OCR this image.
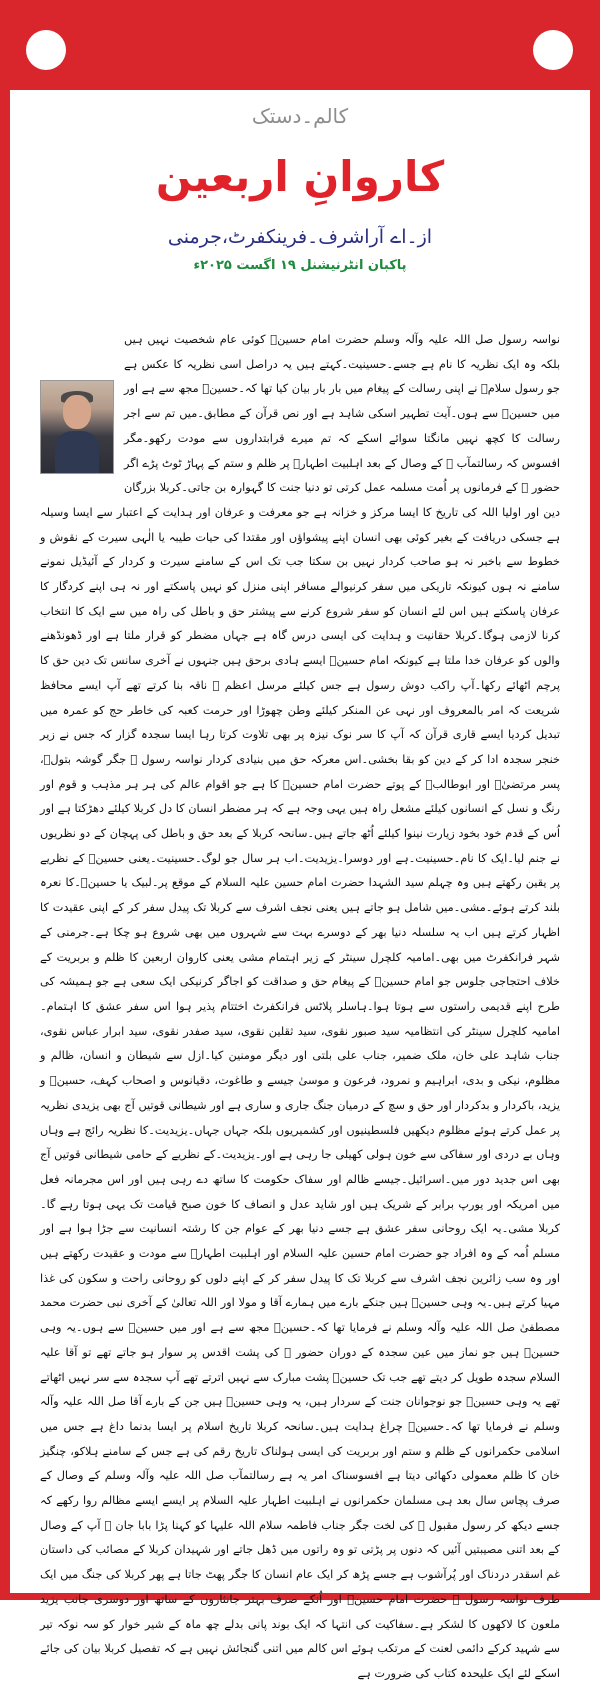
کالم۔دستک
کاروانِ اربعین
از۔اے آراشرف۔فرینکفرٹ،جرمنی
پاکبان انٹرنیشنل ۱۹ اگست ۲۰۲۵ء
نواسہ رسول صل اللہ علیہ وآلہ وسلم حضرت امام حسینؑ کوئی عام شخصیت نہیں ہیں بلکہ وہ ایک نظریہ کا نام ہے جسے۔حسینیت۔کہتے ہیں یہ دراصل اسی نظریہ کا عکس ہے جو رسول سلامؐ نے اپنی رسالت کے پیغام میں بار بار بیان کیا تھا کہ۔حسینؑ مجھ سے ہے اور میں حسینؑ سے ہوں۔آیت تطہیر اسکی شاہد ہے اور نص قرآن کے مطابق۔میں تم سے اجر رسالت کا کچھ نہیں مانگتا سوائے اسکے کہ تم میرے قرابتداروں سے مودت رکھو۔مگر افسوس کہ رسالتمآب ﷺ کے وصال کے بعد اہلبیت اطہارؑ پر ظلم و ستم کے پہاڑ ٹوٹ پڑے اگر حضور ﷺ کے فرمانوں پر اُمت مسلمہ عمل کرتی تو دنیا جنت کا گہوارہ بن جاتی۔کربلا بزرگان دین اور اولیا اللہ کی تاریخ کا ایسا مرکز و خزانہ ہے جو معرفت و عرفان اور ہدایت کے اعتبار سے ایسا وسیلہ ہے جسکی دریافت کے بغیر کوئی بھی انسان اپنے پیشواؤں اور مقتدا کی حیات طیبہ یا الٰہی سیرت کے نقوش و خطوط سے باخبر نہ ہو صاحب کردار نہیں بن سکتا جب تک اس کے سامنے سیرت و کردار کے آئیڈیل نمونے سامنے نہ ہوں کیونکہ تاریکی میں سفر کرنیوالے مسافر اپنی منزل کو نہیں پاسکتے اور نہ ہی اپنے کردگار کا عرفان پاسکتے ہیں اس لئے انسان کو سفر شروع کرنے سے پیشتر حق و باطل کی راہ میں سے ایک کا انتخاب کرنا لازمی ہوگا۔کربلا حقانیت و ہدایت کی ایسی درس گاہ ہے جہاں مضطر کو قرار ملتا ہے اور ڈھونڈھنے والوں کو عرفان خدا ملتا ہے کیونکہ امام حسینؑ ایسے ہادی برحق ہیں جنہوں نے آخری سانس تک دین حق کا پرچم اٹھائے رکھا۔آپ راکب دوش رسول ہے جس کیلئے مرسل اعظم ﷺ ناقہ بنا کرتے تھے آپ ایسے محافظ شریعت کہ امر بالمعروف اور نہی عن المنکر کیلئے وطن چھوڑا اور حرمت کعبہ کی خاطر حج کو عمرہ میں تبدیل کردیا ایسے قاری قرآن کہ آپ کا سر نوک نیزہ پر بھی تلاوت کرتا رہا ایسا سجدہ گزار کہ جس نے زیر خنجر سجدہ ادا کر کے دین کو بقا بخشی۔اس معرکہ حق میں بنیادی کردار نواسہ رسول ﷺ جگر گوشہ بتولؑ، پسر مرتضیٰؑ اور ابوطالبؑ کے پوتے حضرت امام حسینؑ کا ہے جو اقوام عالم کی ہر ہر مذہب و قوم اور رنگ و نسل کے انسانوں کیلئے مشعل راہ ہیں یہی وجہ ہے کہ ہر مضطر انسان کا دل کربلا کیلئے دھڑکتا ہے اور اُس کے قدم خود بخود زیارت نینوا کیلئے اُٹھ جاتے ہیں۔سانحہ کربلا کے بعد حق و باطل کی پہچان کے دو نظریوں نے جنم لیا۔ایک کا نام۔حسینیت۔ہے اور دوسرا۔یزیدیت۔اب ہر سال جو لوگ۔حسینیت۔یعنی حسینؑ کے نظریے پر یقین رکھتے ہیں وہ چہلم سید الشہدا حضرت امام حسین علیہ السلام کے موقع پر۔لبیک یا حسینؑ۔کا نعرہ بلند کرتے ہوئے۔مشی۔میں شامل ہو جاتے ہیں یعنی نجف اشرف سے کربلا تک پیدل سفر کر کے اپنی عقیدت کا اظہار کرتے ہیں اب یہ سلسلہ دنیا بھر کے دوسرے بہت سے شہروں میں بھی شروع ہو چکا ہے۔جرمنی کے شہر فرانکفرٹ میں بھی۔امامیہ کلچرل سینٹر کے زیر اہتمام مشی یعنی کاروان اربعین کا ظلم و بربریت کے خلاف احتجاجی جلوس جو امام حسینؑ کے پیغام حق و صداقت کو اجاگر کرنیکی ایک سعی ہے جو ہمیشہ کی طرح اپنے قدیمی راستوں سے ہوتا ہوا۔ہاسلر پلاٹس فرانکفرٹ اختتام پذیر ہوا اس سفر عشق کا اہتمام۔امامیہ کلچرل سینٹر کی انتظامیہ سید صبور نقوی، سید ثقلین نقوی، سید صفدر نقوی، سید ابرار عباس نقوی، جناب شاہد علی خان، ملک ضمیر، جناب علی بلتی اور دیگر مومنین کیا۔ازل سے شیطان و انسان، ظالم و مظلوم، نیکی و بدی، ابراہیم و نمرود، فرعون و موسیٰ جیسے و طاغوت، دقیانوس و اصحاب کہف، حسینؑ و یزید، باکردار و بدکردار اور حق و سچ کے درمیان جنگ جاری و ساری ہے اور شیطانی قوتیں آج بھی یزیدی نظریہ پر عمل کرتے ہوئے مظلوم دیکھیں فلسطینیوں اور کشمیریوں بلکہ جہاں جہاں۔یزیدیت۔کا نظریہ رائج ہے وہاں وہاں بے دردی اور سفاکی سے خون ہولی کھیلی جا رہی ہے اور۔یزیدیت۔کے نظریے کے حامی شیطانی قوتیں آج بھی اس جدید دور میں۔اسرائیل۔جیسے ظالم اور سفاک حکومت کا ساتھ دے رہی ہیں اور اس مجرمانہ فعل میں امریکہ اور یورپ برابر کے شریک ہیں اور شاید عدل و انصاف کا خون صبح قیامت تک یہی ہوتا رہے گا۔کربلا مشی۔یہ ایک روحانی سفر عشق ہے جسے دنیا بھر کے عوام جن کا رشتہ انسانیت سے جڑا ہوا ہے اور مسلم اُمہ کے وہ افراد جو حضرت امام حسین علیہ السلام اور اہلبیت اطہارؑ سے مودت و عقیدت رکھتے ہیں اور وہ سب زائرین نجف اشرف سے کربلا تک کا پیدل سفر کر کے اپنے دلوں کو روحانی راحت و سکون کی غذا مہیا کرتے ہیں۔یہ وہی حسینؑ ہیں جنکے بارے میں ہمارے آقا و مولا اور اللہ تعالیٰ کے آخری نبی حضرت محمد مصطفیٰ صل اللہ علیہ وآلہ وسلم نے فرمایا تھا کہ۔حسینؑ مجھ سے ہے اور میں حسینؑ سے ہوں۔یہ وہی حسینؑ ہیں جو نماز میں عین سجدہ کے دوران حضور ﷺ کی پشت اقدس پر سوار ہو جاتے تھے تو آقا علیہ السلام سجدہ طویل کر دیتے تھے جب تک حسینؑ پشت مبارک سے نہیں اترتے تھے آپ سجدہ سے سر نہیں اٹھاتے تھے یہ وہی حسینؑ جو نوجوانان جنت کے سردار ہیں، یہ وہی حسینؑ ہیں جن کے بارے آقا صل اللہ علیہ وآلہ وسلم نے فرمایا تھا کہ۔حسینؑ چراغ ہدایت ہیں۔سانحہ کربلا تاریخ اسلام پر ایسا بدنما داغ ہے جس میں اسلامی حکمرانوں کے ظلم و ستم اور بربریت کی ایسی ہولناک تاریخ رقم کی ہے جس کے سامنے ہلاکو، چنگیز خان کا ظلم معمولی دکھائی دیتا ہے افسوسناک امر یہ ہے رسالتمآب صل اللہ علیہ وآلہ وسلم کے وصال کے صرف پچاس سال بعد ہی مسلمان حکمرانوں نے اہلبیت اطہار علیہ السلام پر ایسے ایسے مظالم روا رکھے کہ جسے دیکھ کر رسول مقبول ﷺ کی لخت جگر جناب فاطمہ سلام اللہ علیہا کو کہنا پڑا بابا جان ﷺ آپ کے وصال کے بعد اتنی مصیبتیں آئیں کہ دنوں پر پڑتی تو وہ راتوں میں ڈھل جاتے اور شہیدان کربلا کے مصائب کی داستان غم اسقدر دردناک اور پُرآشوب ہے جسے پڑھ کر ایک عام انسان کا جگر پھٹ جاتا ہے پھر کربلا کی جنگ میں ایک طرف نواسہ رسول ﷺ حضرت امام حسینؑ اور اُنکے صرف بہتر جانثاروں کے ساتھ اور دوسری جانب یزید ملعون کا لاکھوں کا لشکر ہے۔سفاکیت کی انتہا کہ ایک بوند پانی بدلے چھ ماہ کے شیر خوار کو سہ نوکہ تیر سے شہید کرکے دائمی لعنت کے مرتکب ہوئے اس کالم میں اتنی گنجائش نہیں ہے کہ تفصیل کربلا بیان کی جائے اسکے لئے ایک علیحدہ کتاب کی ضرورت ہے
